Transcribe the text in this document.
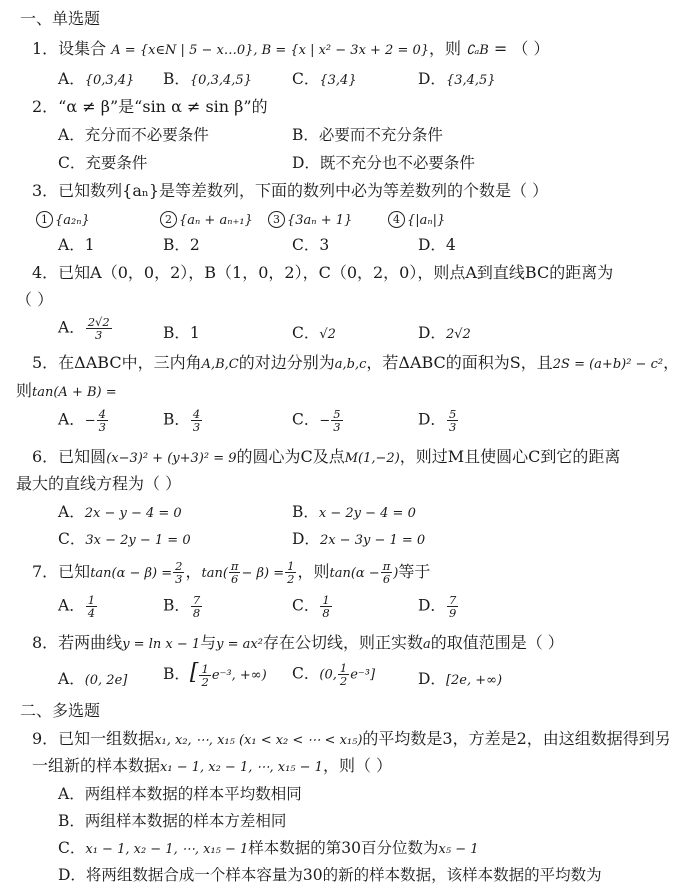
一、单选题
1．设集合 A = {x∈N | 5 − x…0}, B = {x | x² − 3x + 2 = 0}，则 ∁ₐB = （ ）
A．{0,3,4} B．{0,3,4,5}	C．{3,4}	D．{3,4,5}
2．“α ≠ β”是“sin α ≠ sin β”的
A．充分而不必要条件	B．必要而不充分条件
C．充要条件	D．既不充分也不必要条件
3．已知数列{aₙ}是等差数列，下面的数列中必为等差数列的个数是（ ）
1 {a₂ₙ}	2 {aₙ + aₙ₊₁}	3 {3aₙ + 1}	4 {|aₙ|}
A．1	B．2	C．3	D．4
4．已知A（0，0，2），B（1，0，2），C（0，2，0），则点A到直线BC的距离为
（ ）
A． $\frac{2√2}{3}$	B．1	C．√2	D．2√2
5．在ΔABC中，三内角A,B,C的对边分别为a,b,c，若ΔABC的面积为S，且2S = (a+b)² − c²，
则tan(A + B) =
A．− $\frac{4}{3}$	B． $\frac{4}{3}$	C．− $\frac{5}{3}$	D． $\frac{5}{3}$
6．已知圆(x−3)² + (y+3)² = 9的圆心为C及点M(1,−2)，则过M且使圆心C到它的距离
最大的直线方程为（ ）
A．2x − y − 4 = 0	B．x − 2y − 4 = 0
C．3x − 2y − 1 = 0	D．2x − 3y − 1 = 0
7．已知$\tan(\alpha - \beta) = \frac{2}{3}$ ，$\tan( \frac{\pi}{6} - \beta) = \frac{1}{2}$ ，则$\tan(\alpha - \frac{\pi}{6}$ )等于
A． $\frac{1}{4}$	B． $\frac{7}{8}$	C． $\frac{1}{8}$	D． $\frac{7}{9}$
8．若两曲线y = ln x − 1与y = ax²存在公切线，则正实数a的取值范围是（ ）
A．(0, 2e] B．[ $\frac{1}{2} e^{-3}$, +∞) C．(0, $\frac{1}{2} e^{-3}$]	D．[2e, +∞)
二、多选题
9．已知一组数据x₁, x₂, ⋯, x₁₅ (x₁ < x₂ < ⋯ < x₁₅)的平均数是3，方差是2，由这组数据得到另
一组新的样本数据x₁ − 1, x₂ − 1, ⋯, x₁₅ − 1，则（ ）
A．两组样本数据的样本平均数相同
B．两组样本数据的样本方差相同
C．x₁ − 1, x₂ − 1, ⋯, x₁₅ − 1样本数据的第30百分位数为x₅ − 1
D．将两组数据合成一个样本容量为30的新的样本数据，该样本数据的平均数为
